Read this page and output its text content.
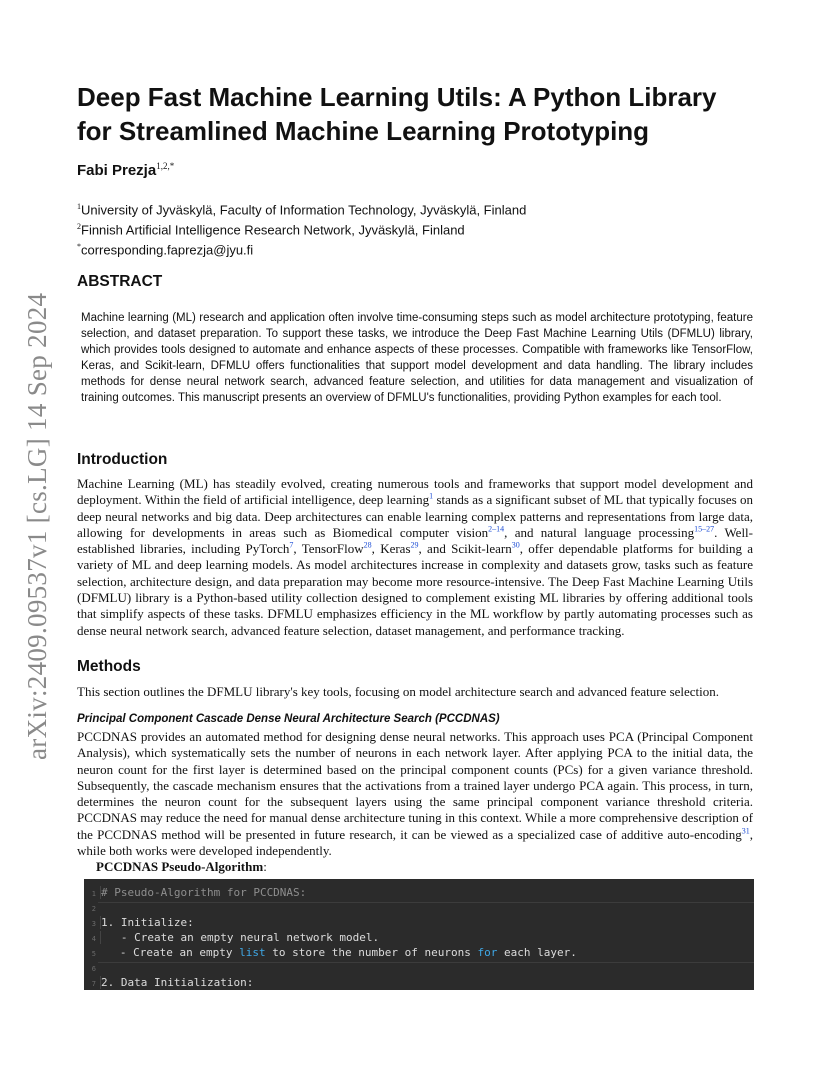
arXiv:2409.09537v1 [cs.LG] 14 Sep 2024
Deep Fast Machine Learning Utils: A Python Library
for Streamlined Machine Learning Prototyping
Fabi Prezja$^{1,2,*}$
$^1$University of Jyväskylä, Faculty of Information Technology, Jyväskylä, Finland
$^2$Finnish Artificial Intelligence Research Network, Jyväskylä, Finland
*corresponding.faprezja@jyu.fi
ABSTRACT

Machine learning (ML) research and application often involve time-consuming steps such as model architecture prototyping, feature selection, and dataset preparation. To support these tasks, we introduce the Deep Fast Machine Learning Utils (DFMLU) library, which provides tools designed to automate and enhance aspects of these processes. Compatible with frameworks like TensorFlow, Keras, and Scikit-learn, DFMLU offers functionalities that support model development and data handling. The library includes methods for dense neural network search, advanced feature selection, and utilities for data management and visualization of training outcomes. This manuscript presents an overview of DFMLU's functionalities, providing Python examples for each tool.

Introduction

Machine Learning (ML) has steadily evolved, creating numerous tools and frameworks that support model development and deployment. Within the field of artificial intelligence, deep learning$^1$ stands as a significant subset of ML that typically focuses on deep neural networks and big data. Deep architectures can enable learning complex patterns and representations from large data, allowing for developments in areas such as Biomedical computer vision$^{2-14}$, and natural language processing$^{15-27}$. Well-established libraries, including PyTorch$^7$, TensorFlow$^{28}$, Keras$^{29}$, and Scikit-learn$^{30}$, offer dependable platforms for building a variety of ML and deep learning models. As model architectures increase in complexity and datasets grow, tasks such as feature selection, architecture design, and data preparation may become more resource-intensive. The Deep Fast Machine Learning Utils (DFMLU) library is a Python-based utility collection designed to complement existing ML libraries by offering additional tools that simplify aspects of these tasks. DFMLU emphasizes efficiency in the ML workflow by partly automating processes such as dense neural network search, advanced feature selection, dataset management, and performance tracking.

Methods

This section outlines the DFMLU library's key tools, focusing on model architecture search and advanced feature selection.

Principal Component Cascade Dense Neural Architecture Search (PCCDNAS)

PCCDNAS provides an automated method for designing dense neural networks. This approach uses PCA (Principal Component Analysis), which systematically sets the number of neurons in each network layer. After applying PCA to the initial data, the neuron count for the first layer is determined based on the principal component counts (PCs) for a given variance threshold. Subsequently, the cascade mechanism ensures that the activations from a trained layer undergo PCA again. This process, in turn, determines the neuron count for the subsequent layers using the same principal component variance threshold criteria. PCCDNAS may reduce the need for manual dense architecture tuning in this context. While a more comprehensive description of the PCCDNAS method will be presented in future research, it can be viewed as a specialized case of additive auto-encoding$^{31}$, while both works were developed independently.

PCCDNAS Pseudo-Algorithm:
1 # Pseudo-Algorithm for PCCDNAS:
2
3 1. Initialize:
4   - Create an empty neural network model.
5   - Create an empty list to store the number of neurons for each layer.
6
7 2. Data Initialization:
